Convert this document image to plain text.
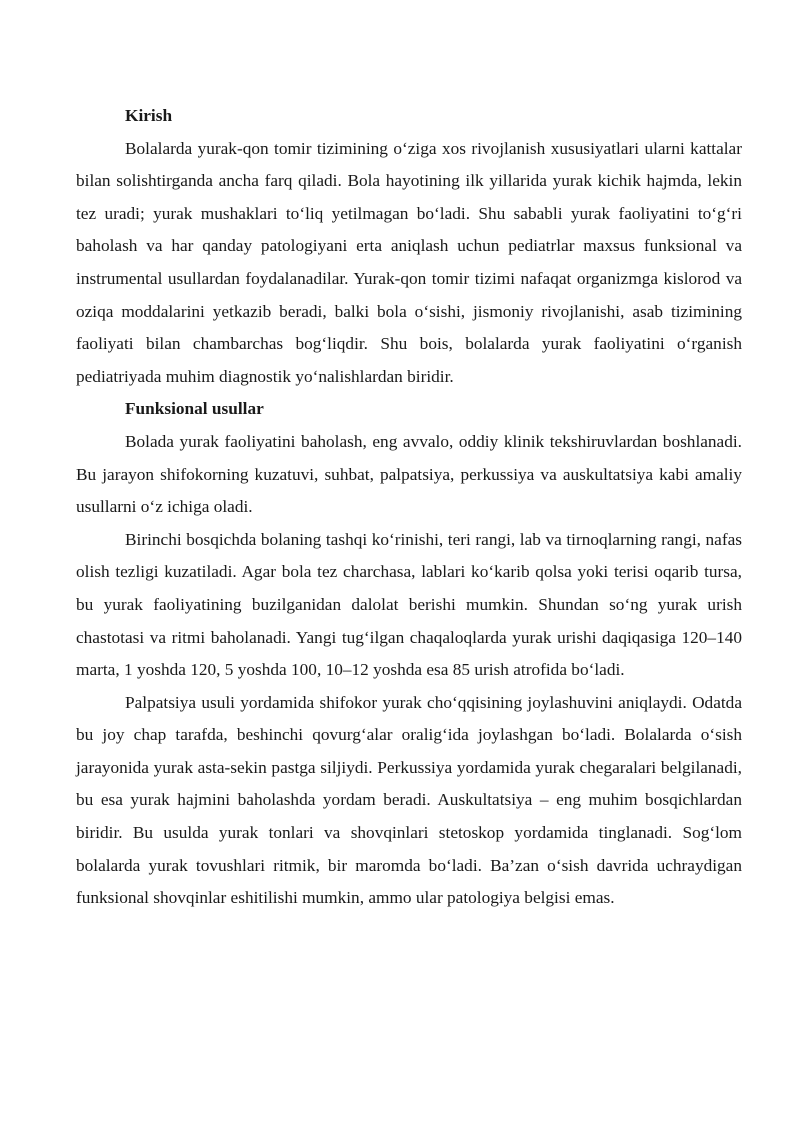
Kirish

Bolalarda yurak-qon tomir tizimining o‘ziga xos rivojlanish xususiyatlari ularni kattalar bilan solishtirganda ancha farq qiladi. Bola hayotining ilk yillarida yurak kichik hajmda, lekin tez uradi; yurak mushaklari to‘liq yetilmagan bo‘ladi. Shu sababli yurak faoliyatini to‘g‘ri baholash va har qanday patologiyani erta aniqlash uchun pediatrlar maxsus funksional va instrumental usullardan foydalanadilar. Yurak-qon tomir tizimi nafaqat organizmga kislorod va oziqa moddalarini yetkazib beradi, balki bola o‘sishi, jismoniy rivojlanishi, asab tizimining faoliyati bilan chambarchas bog‘liqdir. Shu bois, bolalarda yurak faoliyatini o‘rganish pediatriyada muhim diagnostik yo‘nalishlardan biridir.

Funksional usullar

Bolada yurak faoliyatini baholash, eng avvalo, oddiy klinik tekshiruvlardan boshlanadi. Bu jarayon shifokorning kuzatuvi, suhbat, palpatsiya, perkussiya va auskultatsiya kabi amaliy usullarni o‘z ichiga oladi.

Birinchi bosqichda bolaning tashqi ko‘rinishi, teri rangi, lab va tirnoqlarning rangi, nafas olish tezligi kuzatiladi. Agar bola tez charchasa, lablari ko‘karib qolsa yoki terisi oqarib tursa, bu yurak faoliyatining buzilganidan dalolat berishi mumkin. Shundan so‘ng yurak urish chastotasi va ritmi baholanadi. Yangi tug‘ilgan chaqaloqlarda yurak urishi daqiqasiga 120–140 marta, 1 yoshda 120, 5 yoshda 100, 10–12 yoshda esa 85 urish atrofida bo‘ladi.

Palpatsiya usuli yordamida shifokor yurak cho‘qqisining joylashuvini aniqlaydi. Odatda bu joy chap tarafda, beshinchi qovurg‘alar oralig‘ida joylashgan bo‘ladi. Bolalarda o‘sish jarayonida yurak asta-sekin pastga siljiydi. Perkussiya yordamida yurak chegaralari belgilanadi, bu esa yurak hajmini baholashda yordam beradi. Auskultatsiya – eng muhim bosqichlardan biridir. Bu usulda yurak tonlari va shovqinlari stetoskop yordamida tinglanadi. Sog‘lom bolalarda yurak tovushlari ritmik, bir maromda bo‘ladi. Ba’zan o‘sish davrida uchraydigan funksional shovqinlar eshitilishi mumkin, ammo ular patologiya belgisi emas.
